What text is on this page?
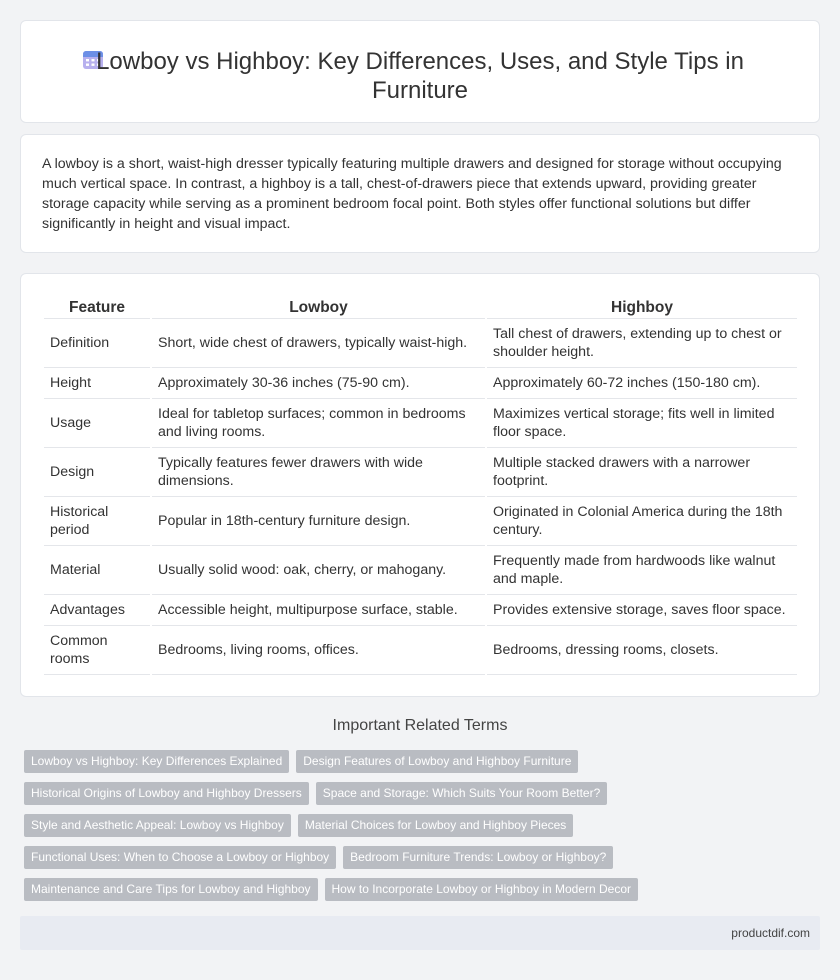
Lowboy vs Highboy: Key Differences, Uses, and Style Tips in Furniture

A lowboy is a short, waist-high dresser typically featuring multiple drawers and designed for storage without occupying much vertical space. In contrast, a highboy is a tall, chest-of-drawers piece that extends upward, providing greater storage capacity while serving as a prominent bedroom focal point. Both styles offer functional solutions but differ significantly in height and visual impact.

Feature	Lowboy	Highboy
Definition	Short, wide chest of drawers, typically waist-high.	Tall chest of drawers, extending up to chest or shoulder height.
Height	Approximately 30-36 inches (75-90 cm).	Approximately 60-72 inches (150-180 cm).
Usage	Ideal for tabletop surfaces; common in bedrooms and living rooms.	Maximizes vertical storage; fits well in limited floor space.
Design	Typically features fewer drawers with wide dimensions.	Multiple stacked drawers with a narrower footprint.
Historical period	Popular in 18th-century furniture design.	Originated in Colonial America during the 18th century.
Material	Usually solid wood: oak, cherry, or mahogany.	Frequently made from hardwoods like walnut and maple.
Advantages	Accessible height, multipurpose surface, stable.	Provides extensive storage, saves floor space.
Common rooms	Bedrooms, living rooms, offices.	Bedrooms, dressing rooms, closets.
Important Related Terms
Lowboy vs Highboy: Key Differences Explained	Design Features of Lowboy and Highboy Furniture
Historical Origins of Lowboy and Highboy Dressers	Space and Storage: Which Suits Your Room Better?
Style and Aesthetic Appeal: Lowboy vs Highboy	Material Choices for Lowboy and Highboy Pieces
Functional Uses: When to Choose a Lowboy or Highboy	Bedroom Furniture Trends: Lowboy or Highboy?
Maintenance and Care Tips for Lowboy and Highboy	How to Incorporate Lowboy or Highboy in Modern Decor
productdif.com
